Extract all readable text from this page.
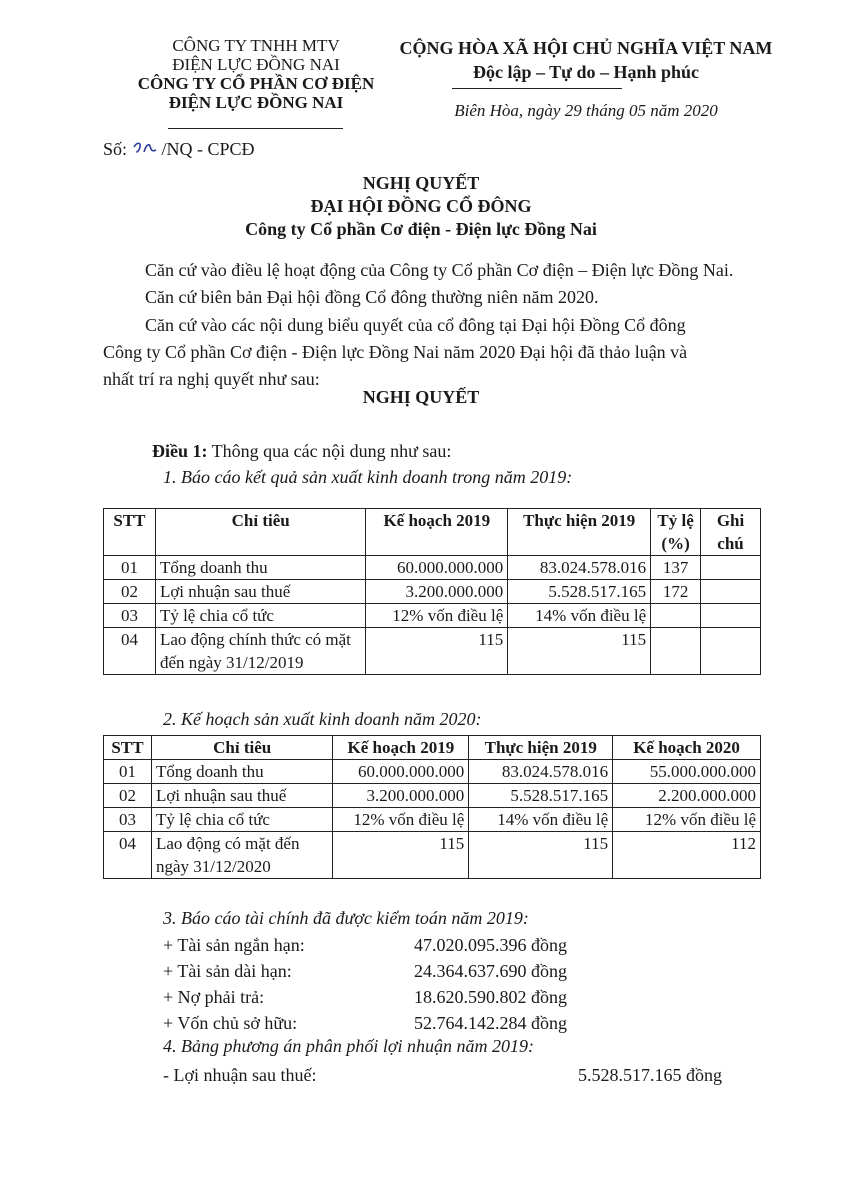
CÔNG TY TNHH MTV
ĐIỆN LỰC ĐỒNG NAI
CÔNG TY CỔ PHẦN CƠ ĐIỆN
ĐIỆN LỰC ĐỒNG NAI
CỘNG HÒA XÃ HỘI CHỦ NGHĨA VIỆT NAM
Độc lập – Tự do – Hạnh phúc
Biên Hòa, ngày 29 tháng 05 năm 2020
Số: /NQ - CPCĐ
NGHỊ QUYẾT
ĐẠI HỘI ĐỒNG CỔ ĐÔNG
Công ty Cổ phần Cơ điện - Điện lực Đồng Nai
Căn cứ vào điều lệ hoạt động của Công ty Cổ phần Cơ điện – Điện lực Đồng Nai.
Căn cứ biên bản Đại hội đồng Cổ đông thường niên năm 2020.
Căn cứ vào các nội dung biểu quyết của cổ đông tại Đại hội Đồng Cổ đông
Công ty Cổ phần Cơ điện - Điện lực Đồng Nai năm 2020 Đại hội đã thảo luận và
nhất trí ra nghị quyết như sau:
NGHỊ QUYẾT
Điều 1: Thông qua các nội dung như sau:
1. Báo cáo kết quả sản xuất kinh doanh trong năm 2019:
STT	Chỉ tiêu	Kế hoạch 2019	Thực hiện 2019	Tỷ lệ (%)	Ghi chú
01	Tổng doanh thu	60.000.000.000	83.024.578.016	137	
02	Lợi nhuận sau thuế	3.200.000.000	5.528.517.165	172	
03	Tỷ lệ chia cổ tức	12% vốn điều lệ	14% vốn điều lệ		
04	Lao động chính thức có mặt đến ngày 31/12/2019	115	115		
2. Kế hoạch sản xuất kinh doanh năm 2020:
STT	Chỉ tiêu	Kế hoạch 2019	Thực hiện 2019	Kế hoạch 2020
01	Tổng doanh thu	60.000.000.000	83.024.578.016	55.000.000.000
02	Lợi nhuận sau thuế	3.200.000.000	5.528.517.165	2.200.000.000
03	Tỷ lệ chia cổ tức	12% vốn điều lệ	14% vốn điều lệ	12% vốn điều lệ
04	Lao động có mặt đến ngày 31/12/2020	115	115	112
3. Báo cáo tài chính đã được kiểm toán năm 2019:
+ Tài sản ngắn hạn:	47.020.095.396 đồng
+ Tài sản dài hạn:	24.364.637.690 đồng
+ Nợ phải trả:	18.620.590.802 đồng
+ Vốn chủ sở hữu:	52.764.142.284 đồng
4. Bảng phương án phân phối lợi nhuận năm 2019:
- Lợi nhuận sau thuế:	5.528.517.165 đồng
